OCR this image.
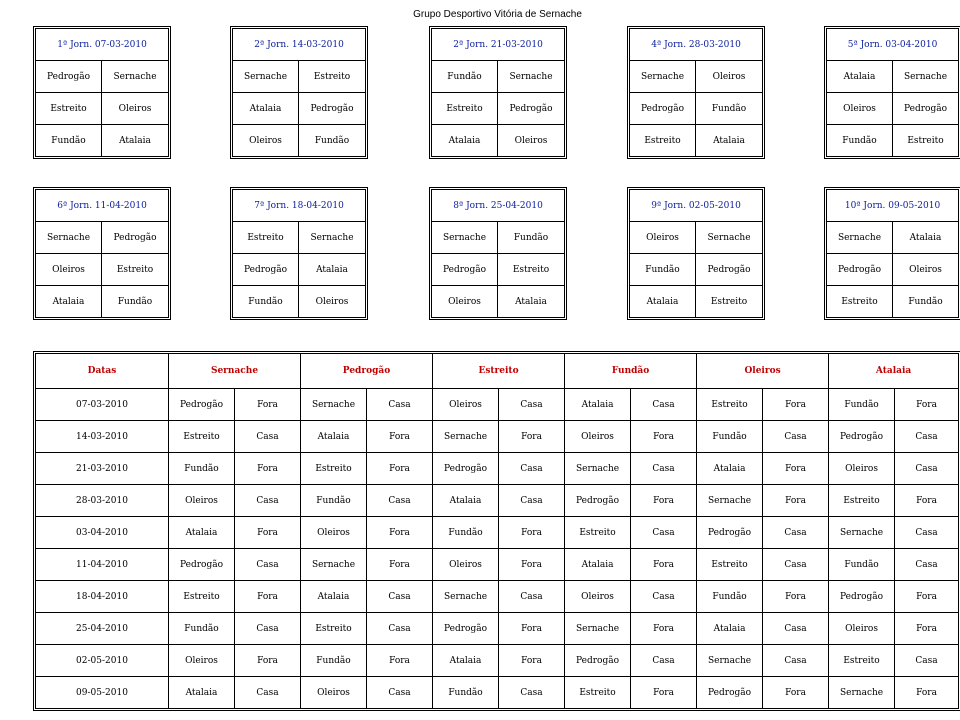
Grupo Desportivo Vitória de Sernache
1ª Jorn. 07-03-2010	
Pedrogão	Sernache
Estreito	Oleiros
Fundão	Atalaia
2ª Jorn. 14-03-2010	
Sernache	Estreito
Atalaia	Pedrogão
Oleiros	Fundão
2ª Jorn. 21-03-2010	
Fundão	Sernache
Estreito	Pedrogão
Atalaia	Oleiros
4ª Jorn. 28-03-2010	
Sernache	Oleiros
Pedrogão	Fundão
Estreito	Atalaia
5ª Jorn. 03-04-2010	
Atalaia	Sernache
Oleiros	Pedrogão
Fundão	Estreito
6ª Jorn. 11-04-2010	
Sernache	Pedrogão
Oleiros	Estreito
Atalaia	Fundão
7ª Jorn. 18-04-2010	
Estreito	Sernache
Pedrogão	Atalaia
Fundão	Oleiros
8ª Jorn. 25-04-2010	
Sernache	Fundão
Pedrogão	Estreito
Oleiros	Atalaia
9ª Jorn. 02-05-2010	
Oleiros	Sernache
Fundão	Pedrogão
Atalaia	Estreito
10ª Jorn. 09-05-2010	
Sernache	Atalaia
Pedrogão	Oleiros
Estreito	Fundão
Datas	Sernache		Pedrogão		Estreito		Fundão		Oleiros		Atalaia	
07-03-2010	Pedrogão	Fora	Sernache	Casa	Oleiros	Casa	Atalaia	Casa	Estreito	Fora	Fundão	Fora
14-03-2010	Estreito	Casa	Atalaia	Fora	Sernache	Fora	Oleiros	Fora	Fundão	Casa	Pedrogão	Casa
21-03-2010	Fundão	Fora	Estreito	Fora	Pedrogão	Casa	Sernache	Casa	Atalaia	Fora	Oleiros	Casa
28-03-2010	Oleiros	Casa	Fundão	Casa	Atalaia	Casa	Pedrogão	Fora	Sernache	Fora	Estreito	Fora
03-04-2010	Atalaia	Fora	Oleiros	Fora	Fundão	Fora	Estreito	Casa	Pedrogão	Casa	Sernache	Casa
11-04-2010	Pedrogão	Casa	Sernache	Fora	Oleiros	Fora	Atalaia	Fora	Estreito	Casa	Fundão	Casa
18-04-2010	Estreito	Fora	Atalaia	Casa	Sernache	Casa	Oleiros	Casa	Fundão	Fora	Pedrogão	Fora
25-04-2010	Fundão	Casa	Estreito	Casa	Pedrogão	Fora	Sernache	Fora	Atalaia	Casa	Oleiros	Fora
02-05-2010	Oleiros	Fora	Fundão	Fora	Atalaia	Fora	Pedrogão	Casa	Sernache	Casa	Estreito	Casa
09-05-2010	Atalaia	Casa	Oleiros	Casa	Fundão	Casa	Estreito	Fora	Pedrogão	Fora	Sernache	Fora
